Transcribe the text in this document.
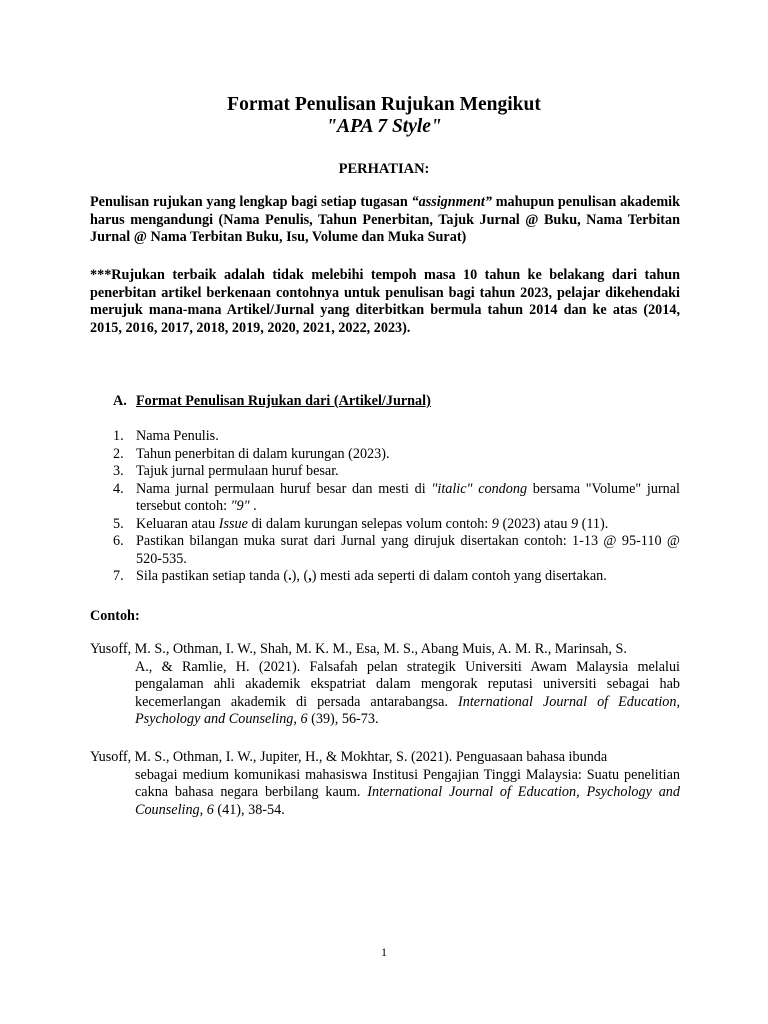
Format Penulisan Rujukan Mengikut
"APA 7 Style"
PERHATIAN:
Penulisan rujukan yang lengkap bagi setiap tugasan “assignment” mahupun penulisan akademik harus mengandungi (Nama Penulis, Tahun Penerbitan, Tajuk Jurnal @ Buku, Nama Terbitan Jurnal @ Nama Terbitan Buku, Isu, Volume dan Muka Surat)
***Rujukan terbaik adalah tidak melebihi tempoh masa 10 tahun ke belakang dari tahun penerbitan artikel berkenaan contohnya untuk penulisan bagi tahun 2023, pelajar dikehendaki merujuk mana-mana Artikel/Jurnal yang diterbitkan bermula tahun 2014 dan ke atas (2014, 2015, 2016, 2017, 2018, 2019, 2020, 2021, 2022, 2023).
A. Format Penulisan Rujukan dari (Artikel/Jurnal)
1. Nama Penulis.
2. Tahun penerbitan di dalam kurungan (2023).
3. Tajuk jurnal permulaan huruf besar.
4. Nama jurnal permulaan huruf besar dan mesti di "italic" condong bersama "Volume" jurnal tersebut contoh: "9" .
5. Keluaran atau Issue di dalam kurungan selepas volum contoh: 9 (2023) atau 9 (11).
6. Pastikan bilangan muka surat dari Jurnal yang dirujuk disertakan contoh: 1-13 @ 95-110 @ 520-535.
7. Sila pastikan setiap tanda (.), (,) mesti ada seperti di dalam contoh yang disertakan.
Contoh:
Yusoff, M. S., Othman, I. W., Shah, M. K. M., Esa, M. S., Abang Muis, A. M. R., Marinsah, S.
A., & Ramlie, H. (2021). Falsafah pelan strategik Universiti Awam Malaysia melalui pengalaman ahli akademik ekspatriat dalam mengorak reputasi universiti sebagai hab kecemerlangan akademik di persada antarabangsa. International Journal of Education, Psychology and Counseling, 6 (39), 56-73.
Yusoff, M. S., Othman, I. W., Jupiter, H., & Mokhtar, S. (2021). Penguasaan bahasa ibunda
sebagai medium komunikasi mahasiswa Institusi Pengajian Tinggi Malaysia: Suatu penelitian cakna bahasa negara berbilang kaum. International Journal of Education, Psychology and Counseling, 6 (41), 38-54.
1
